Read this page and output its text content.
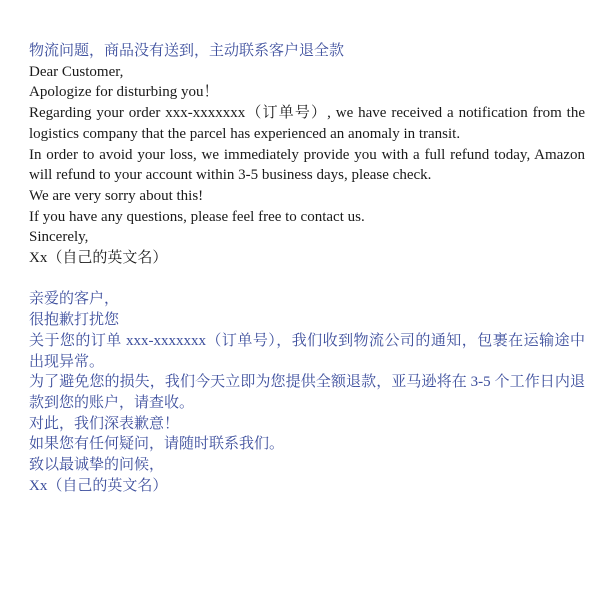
物流问题，商品没有送到，主动联系客户退全款
Dear Customer,
Apologize for disturbing you！
Regarding your order xxx-xxxxxxx（订单号）, we have received a notification from the logistics company that the parcel has experienced an anomaly in transit.
In order to avoid your loss, we immediately provide you with a full refund today, Amazon will refund to your account within 3-5 business days, please check.
We are very sorry about this!
If you have any questions, please feel free to contact us.
Sincerely,
Xx（自己的英文名）
亲爱的客户，
很抱歉打扰您
关于您的订单 xxx-xxxxxxx（订单号），我们收到物流公司的通知，包裹在运输途中出现异常。
为了避免您的损失，我们今天立即为您提供全额退款，亚马逊将在 3-5 个工作日内退款到您的账户，请查收。
对此，我们深表歉意！
如果您有任何疑问，请随时联系我们。
致以最诚挚的问候，
Xx（自己的英文名）
